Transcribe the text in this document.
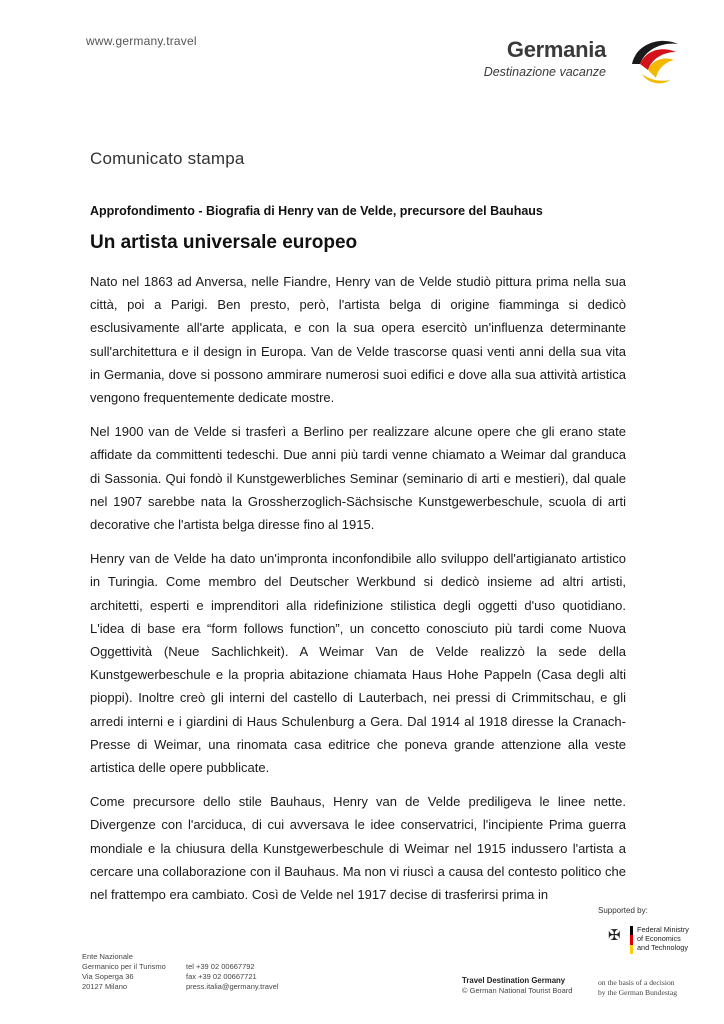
www.germany.travel	Germania
Destinazione vacanze
Comunicato stampa
Approfondimento - Biografia di Henry van de Velde, precursore del Bauhaus
Un artista universale europeo

Nato nel 1863 ad Anversa, nelle Fiandre, Henry van de Velde studiò pittura prima nella sua città, poi a Parigi. Ben presto, però, l'artista belga di origine fiamminga si dedicò esclusivamente all'arte applicata, e con la sua opera esercitò un'influenza determinante sull'architettura e il design in Europa. Van de Velde trascorse quasi venti anni della sua vita in Germania, dove si possono ammirare numerosi suoi edifici e dove alla sua attività artistica vengono frequentemente dedicate mostre.

Nel 1900 van de Velde si trasferì a Berlino per realizzare alcune opere che gli erano state affidate da committenti tedeschi. Due anni più tardi venne chiamato a Weimar dal granduca di Sassonia. Qui fondò il Kunstgewerbliches Seminar (seminario di arti e mestieri), dal quale nel 1907 sarebbe nata la Grossherzoglich-Sächsische Kunstgewerbeschule, scuola di arti decorative che l'artista belga diresse fino al 1915.

Henry van de Velde ha dato un'impronta inconfondibile allo sviluppo dell'artigianato artistico in Turingia. Come membro del Deutscher Werkbund si dedicò insieme ad altri artisti, architetti, esperti e imprenditori alla ridefinizione stilistica degli oggetti d'uso quotidiano. L'idea di base era “form follows function”, un concetto conosciuto più tardi come Nuova Oggettività (Neue Sachlichkeit). A Weimar Van de Velde realizzò la sede della Kunstgewerbeschule e la propria abitazione chiamata Haus Hohe Pappeln (Casa degli alti pioppi). Inoltre creò gli interni del castello di Lauterbach, nei pressi di Crimmitschau, e gli arredi interni e i giardini di Haus Schulenburg a Gera. Dal 1914 al 1918 diresse la Cranach-Presse di Weimar, una rinomata casa editrice che poneva grande attenzione alla veste artistica delle opere pubblicate.

Come precursore dello stile Bauhaus, Henry van de Velde prediligeva le linee nette. Divergenze con l'arciduca, di cui avversava le idee conservatrici, l'incipiente Prima guerra mondiale e la chiusura della Kunstgewerbeschule di Weimar nel 1915 indussero l'artista a cercare una collaborazione con il Bauhaus. Ma non vi riuscì a causa del contesto politico che nel frattempo era cambiato. Così de Velde nel 1917 decise di trasferirsi prima in

Supported by:
✠ Federal Ministry
of Economics
and Technology
Ente Nazionale
Germanico per il Turismo
Via Soperga 36
20127 Milano
tel +39 02 00667792
fax +39 02 00667721
press.italia@germany.travel
Travel Destination Germany
© German National Tourist Board
on the basis of a decision
by the German Bundestag
